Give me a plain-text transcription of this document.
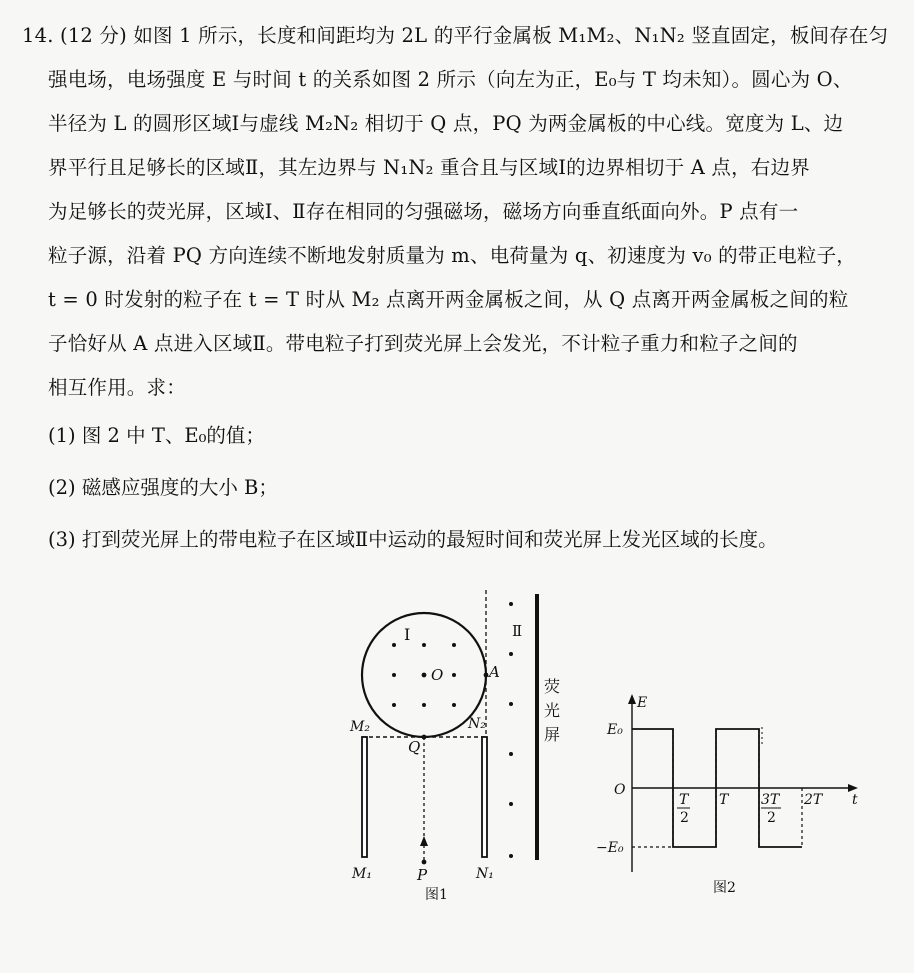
14. (12 分) 如图 1 所示，长度和间距均为 2L 的平行金属板 M₁M₂、N₁N₂ 竖直固定，板间存在匀
强电场，电场强度 E 与时间 t 的关系如图 2 所示（向左为正，E₀与 T 均未知）。圆心为 O、
半径为 L 的圆形区域Ⅰ与虚线 M₂N₂ 相切于 Q 点，PQ 为两金属板的中心线。宽度为 L、边
界平行且足够长的区域Ⅱ，其左边界与 N₁N₂ 重合且与区域Ⅰ的边界相切于 A 点，右边界
为足够长的荧光屏，区域Ⅰ、Ⅱ存在相同的匀强磁场，磁场方向垂直纸面向外。P 点有一
粒子源，沿着 PQ 方向连续不断地发射质量为 m、电荷量为 q、初速度为 v₀ 的带正电粒子，
t = 0 时发射的粒子在 t = T 时从 M₂ 点离开两金属板之间，从 Q 点离开两金属板之间的粒
子恰好从 A 点进入区域Ⅱ。带电粒子打到荧光屏上会发光，不计粒子重力和粒子之间的
相互作用。求：
(1) 图 2 中 T、E₀的值；
(2) 磁感应强度的大小 B；
(3) 打到荧光屏上的带电粒子在区域Ⅱ中运动的最短时间和荧光屏上发光区域的长度。
Ⅰ	Ⅱ
O	A
Q
P
M₂
M₁
N₂
N₁
荧
光
屏
图1
E
t
O
E₀
−E₀
T
2
T 3T
2
2T
图2
